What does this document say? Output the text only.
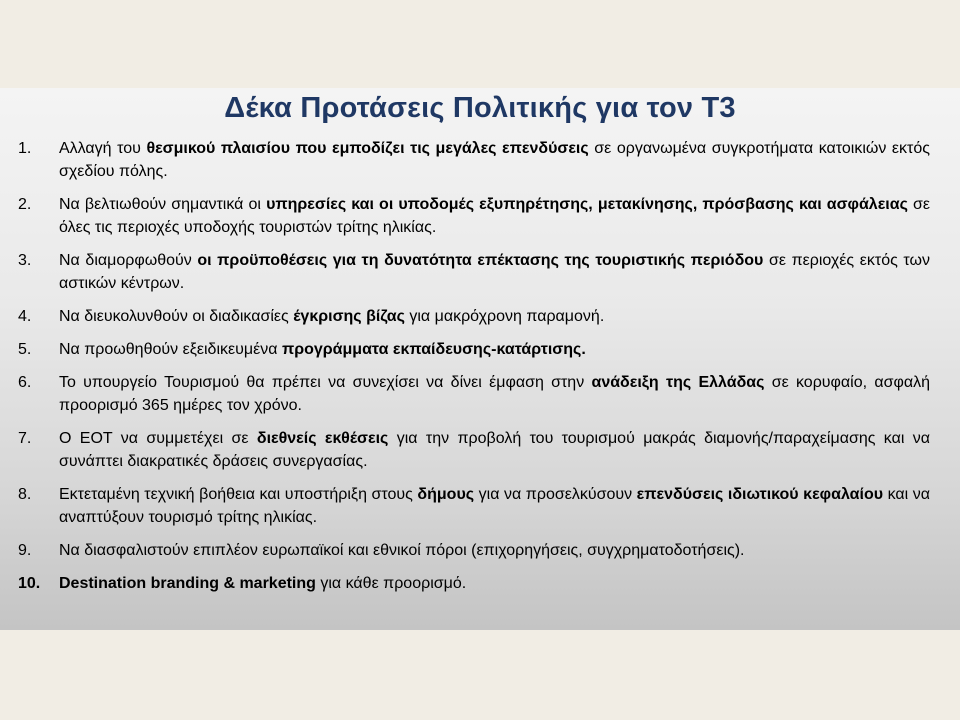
Δέκα Προτάσεις Πολιτικής για τον Τ3
1.	Αλλαγή του θεσμικού πλαισίου που εμποδίζει τις μεγάλες επενδύσεις σε οργανωμένα συγκροτήματα κατοικιών εκτός σχεδίου πόλης.
2.	Να βελτιωθούν σημαντικά οι υπηρεσίες και οι υποδομές εξυπηρέτησης, μετακίνησης, πρόσβασης και ασφάλειας σε όλες τις περιοχές υποδοχής τουριστών τρίτης ηλικίας.
3.	Να διαμορφωθούν οι προϋποθέσεις για τη δυνατότητα επέκτασης της τουριστικής περιόδου σε περιοχές εκτός των αστικών κέντρων.
4.	Να διευκολυνθούν οι διαδικασίες έγκρισης βίζας για μακρόχρονη παραμονή.
5.	Να προωθηθούν εξειδικευμένα προγράμματα εκπαίδευσης-κατάρτισης.
6.	Το υπουργείο Τουρισμού θα πρέπει να συνεχίσει να δίνει έμφαση στην ανάδειξη της Ελλάδας σε κορυφαίο, ασφαλή προορισμό 365 ημέρες τον χρόνο.
7.	Ο ΕΟΤ να συμμετέχει σε διεθνείς εκθέσεις για την προβολή του τουρισμού μακράς διαμονής/παραχείμασης και να συνάπτει διακρατικές δράσεις συνεργασίας.
8.	Εκτεταμένη τεχνική βοήθεια και υποστήριξη στους δήμους για να προσελκύσουν επενδύσεις ιδιωτικού κεφαλαίου και να αναπτύξουν τουρισμό τρίτης ηλικίας.
9.	Να διασφαλιστούν επιπλέον ευρωπαϊκοί και εθνικοί πόροι (επιχορηγήσεις, συγχρηματοδοτήσεις).
10.	Destination branding & marketing για κάθε προορισμό.
